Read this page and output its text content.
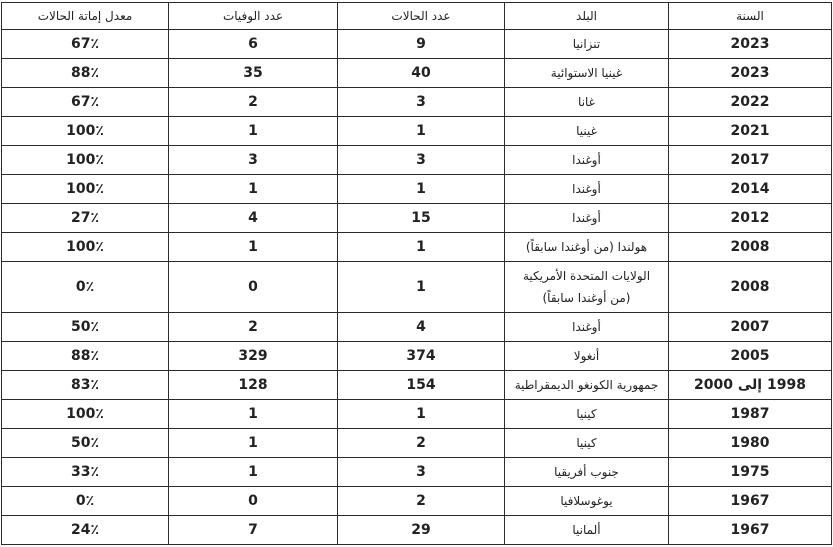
السنة	البلد	عدد الحالات	عدد الوفيات	معدل إماتة الحالات
2023	تنزانيا	9	6	67٪
2023	غينيا الاستوائية	40	35	88٪
2022	غانا	3	2	67٪
2021	غينيا	1	1	100٪
2017	أوغندا	3	3	100٪
2014	أوغندا	1	1	100٪
2012	أوغندا	15	4	27٪
2008	هولندا (من أوغندا سابقاً)	1	1	100٪
2008	الولايات المتحدة الأمريكية (من أوغندا سابقاً)	1	0	0٪
2007	أوغندا	4	2	50٪
2005	أنغولا	374	329	88٪
1998 إلى 2000	جمهورية الكونغو الديمقراطية	154	128	83٪
1987	كينيا	1	1	100٪
1980	كينيا	2	1	50٪
1975	جنوب أفريقيا	3	1	33٪
1967	يوغوسلافيا	2	0	0٪
1967	ألمانيا	29	7	24٪
